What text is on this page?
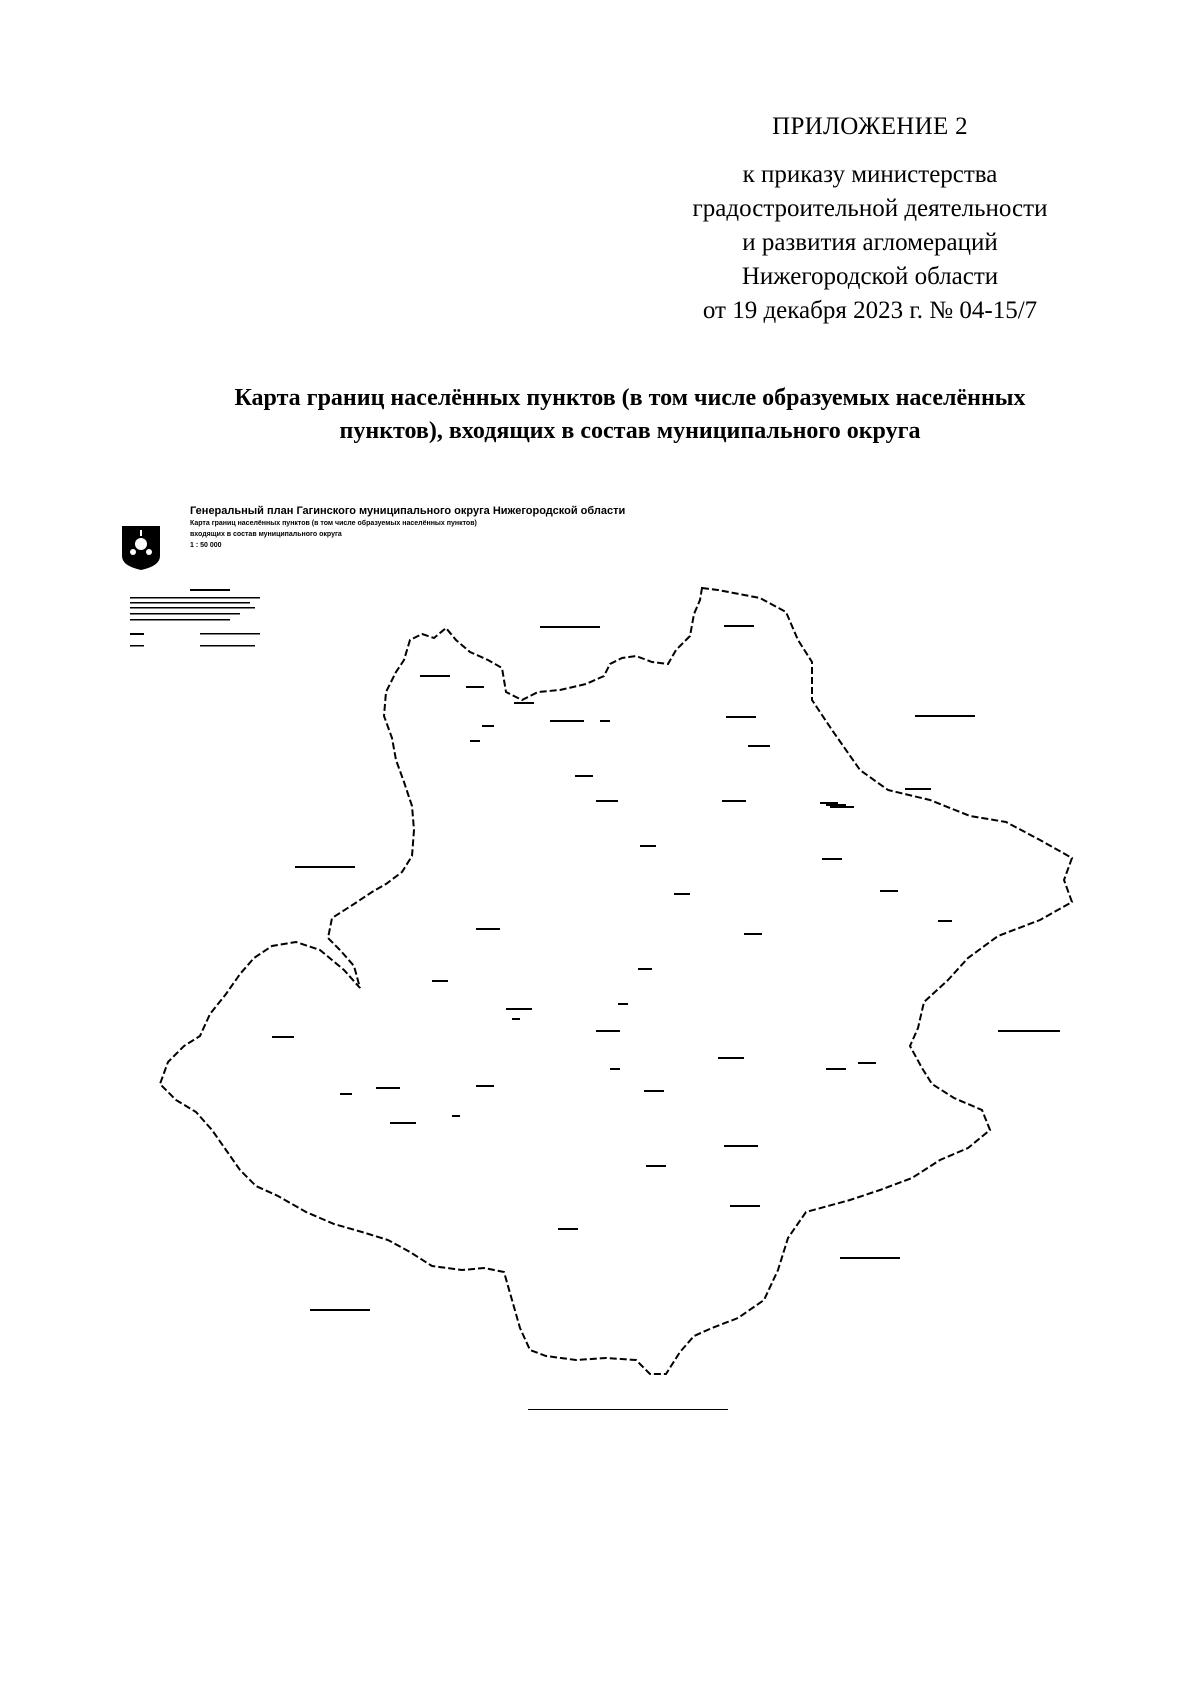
ПРИЛОЖЕНИЕ 2
к приказу министерства
градостроительной деятельности
и развития агломераций
Нижегородской области
от 19 декабря 2023 г. № 04-15/7
Карта границ населённых пунктов (в том числе образуемых населённых
пунктов), входящих в состав муниципального округа
Генеральный план Гагинского муниципального округа Нижегородской области
Карта границ населённых пунктов (в том числе образуемых населённых пунктов)
входящих в состав муниципального округа
1 : 50 000
